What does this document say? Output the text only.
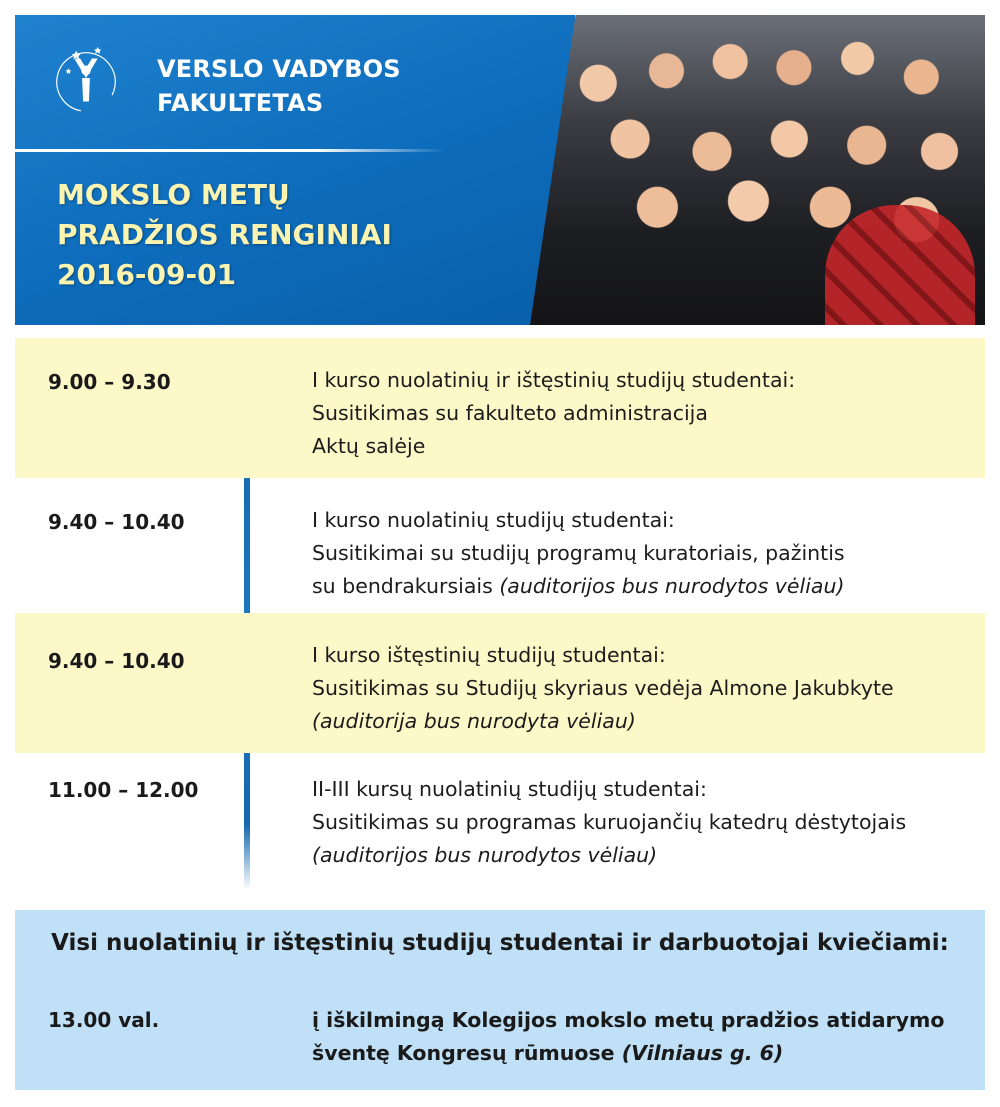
VERSLO VADYBOS
FAKULTETAS
MOKSLO METŲ
PRADŽIOS RENGINIAI
2016-09-01
9.00 – 9.30	I kurso nuolatinių ir ištęstinių studijų studentai:
Susitikimas su fakulteto administracija
Aktų salėje
9.40 – 10.40	I kurso nuolatinių studijų studentai:
Susitikimai su studijų programų kuratoriais, pažintis
su bendrakursiais (auditorijos bus nurodytos vėliau)
9.40 – 10.40	I kurso ištęstinių studijų studentai:
Susitikimas su Studijų skyriaus vedėja Almone Jakubkyte
(auditorija bus nurodyta vėliau)
11.00 – 12.00	II-III kursų nuolatinių studijų studentai:
Susitikimas su programas kuruojančių katedrų dėstytojais
(auditorijos bus nurodytos vėliau)
Visi nuolatinių ir ištęstinių studijų studentai ir darbuotojai kviečiami:
13.00 val.	į iškilmingą Kolegijos mokslo metų pradžios atidarymo
šventę Kongresų rūmuose (Vilniaus g. 6)
